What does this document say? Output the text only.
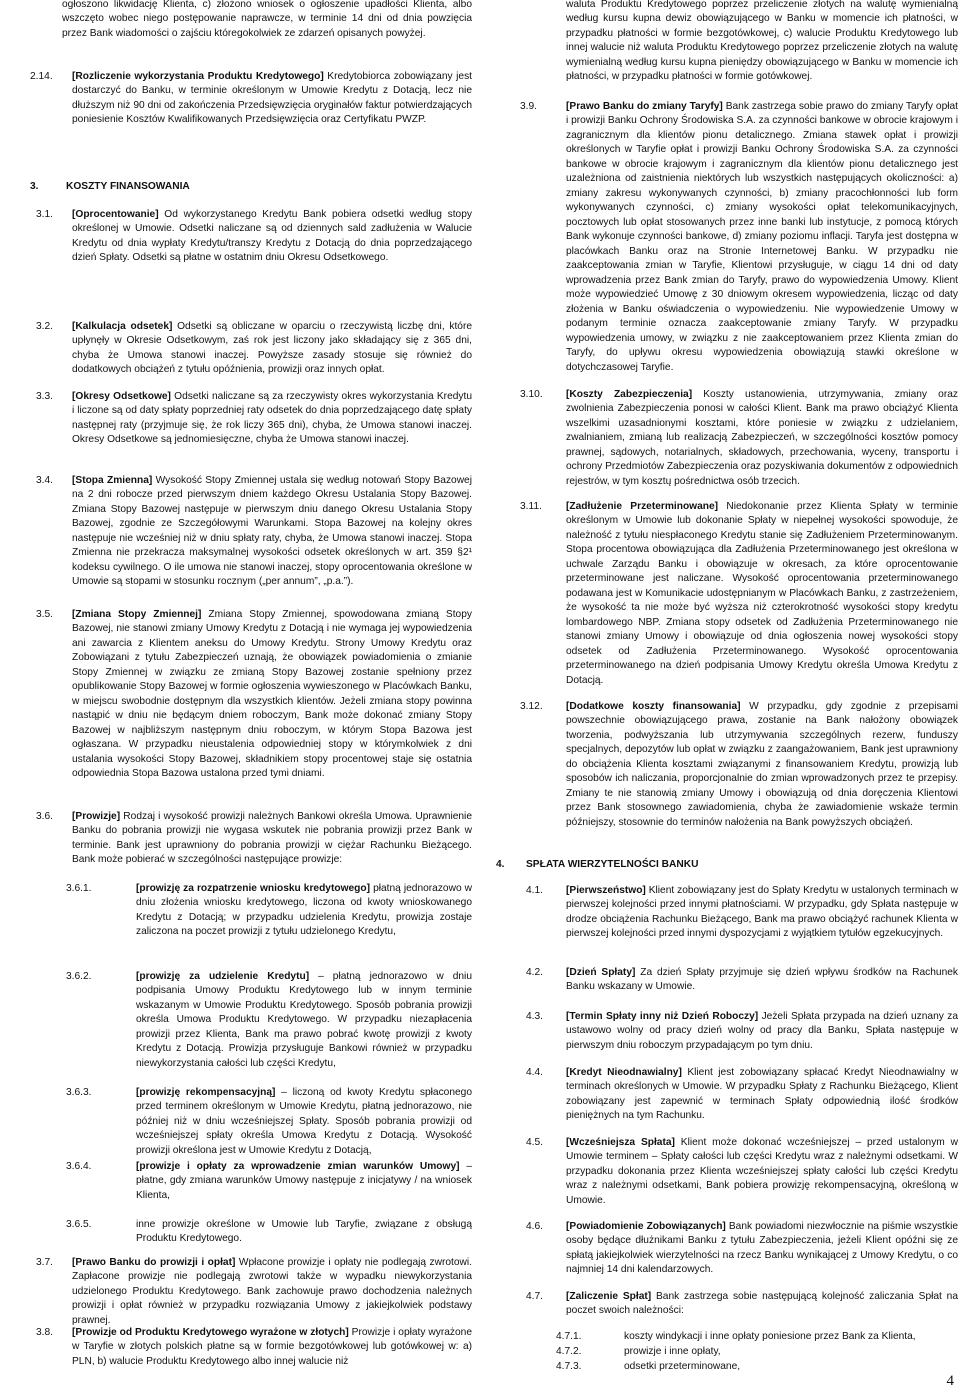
ogłoszono likwidację Klienta, c) złożono wniosek o ogłoszenie upadłości Klienta, albo wszczęto wobec niego postępowanie naprawcze, w terminie 14 dni od dnia powzięcia przez Bank wiadomości o zajściu któregokolwiek ze zdarzeń opisanych powyżej.

2.14.	[Rozliczenie wykorzystania Produktu Kredytowego] Kredytobiorca zobowiązany jest dostarczyć do Banku, w terminie określonym w Umowie Kredytu z Dotacją, lecz nie dłuższym niż 90 dni od zakończenia Przedsięwzięcia oryginałów faktur potwierdzających poniesienie Kosztów Kwalifikowanych Przedsięwzięcia oraz Certyfikatu PWZP.
3.	KOSZTY FINANSOWANIA
3.1.	[Oprocentowanie] Od wykorzystanego Kredytu Bank pobiera odsetki według stopy określonej w Umowie. Odsetki naliczane są od dziennych sald zadłużenia w Walucie Kredytu od dnia wypłaty Kredytu/transzy Kredytu z Dotacją do dnia poprzedzającego dzień Spłaty. Odsetki są płatne w ostatnim dniu Okresu Odsetkowego.
3.2.	[Kalkulacja odsetek] Odsetki są obliczane w oparciu o rzeczywistą liczbę dni, które upłynęły w Okresie Odsetkowym, zaś rok jest liczony jako składający się z 365 dni, chyba że Umowa stanowi inaczej. Powyższe zasady stosuje się również do dodatkowych obciążeń z tytułu opóźnienia, prowizji oraz innych opłat.
3.3.	[Okresy Odsetkowe] Odsetki naliczane są za rzeczywisty okres wykorzystania Kredytu i liczone są od daty spłaty poprzedniej raty odsetek do dnia poprzedzającego datę spłaty następnej raty (przyjmuje się, że rok liczy 365 dni), chyba, że Umowa stanowi inaczej. Okresy Odsetkowe są jednomiesięczne, chyba że Umowa stanowi inaczej.
3.4.	[Stopa Zmienna] Wysokość Stopy Zmiennej ustala się według notowań Stopy Bazowej na 2 dni robocze przed pierwszym dniem każdego Okresu Ustalania Stopy Bazowej. Zmiana Stopy Bazowej następuje w pierwszym dniu danego Okresu Ustalania Stopy Bazowej, zgodnie ze Szczegółowymi Warunkami. Stopa Bazowej na kolejny okres następuje nie wcześniej niż w dniu spłaty raty, chyba, że Umowa stanowi inaczej. Stopa Zmienna nie przekracza maksymalnej wysokości odsetek określonych w art. 359 §2¹ kodeksu cywilnego. O ile umowa nie stanowi inaczej, stopy oprocentowania określone w Umowie są stopami w stosunku rocznym („per annum”, „p.a.”).
3.5.	[Zmiana Stopy Zmiennej] Zmiana Stopy Zmiennej, spowodowana zmianą Stopy Bazowej, nie stanowi zmiany Umowy Kredytu z Dotacją i nie wymaga jej wypowiedzenia ani zawarcia z Klientem aneksu do Umowy Kredytu. Strony Umowy Kredytu oraz Zobowiązani z tytułu Zabezpieczeń uznają, że obowiązek powiadomienia o zmianie Stopy Zmiennej w związku ze zmianą Stopy Bazowej zostanie spełniony przez opublikowanie Stopy Bazowej w formie ogłoszenia wywieszonego w Placówkach Banku, w miejscu swobodnie dostępnym dla wszystkich klientów. Jeżeli zmiana stopy powinna nastąpić w dniu nie będącym dniem roboczym, Bank może dokonać zmiany Stopy Bazowej w najbliższym następnym dniu roboczym, w którym Stopa Bazowa jest ogłaszana. W przypadku nieustalenia odpowiedniej stopy w którymkolwiek z dni ustalania wysokości Stopy Bazowej, składnikiem stopy procentowej staje się ostatnia odpowiednia Stopa Bazowa ustalona przed tymi dniami.
3.6.	[Prowizje] Rodzaj i wysokość prowizji należnych Bankowi określa Umowa. Uprawnienie Banku do pobrania prowizji nie wygasa wskutek nie pobrania prowizji przez Bank w terminie. Bank jest uprawniony do pobrania prowizji w ciężar Rachunku Bieżącego. Bank może pobierać w szczególności następujące prowizje:
3.6.1.	[prowizję za rozpatrzenie wniosku kredytowego] płatną jednorazowo w dniu złożenia wniosku kredytowego, liczona od kwoty wnioskowanego Kredytu z Dotacją; w przypadku udzielenia Kredytu, prowizja zostaje zaliczona na poczet prowizji z tytułu udzielonego Kredytu,
3.6.2.	[prowizję za udzielenie Kredytu] – płatną jednorazowo w dniu podpisania Umowy Produktu Kredytowego lub w innym terminie wskazanym w Umowie Produktu Kredytowego. Sposób pobrania prowizji określa Umowa Produktu Kredytowego. W przypadku niezapłacenia prowizji przez Klienta, Bank ma prawo pobrać kwotę prowizji z kwoty Kredytu z Dotacją. Prowizja przysługuje Bankowi również w przypadku niewykorzystania całości lub części Kredytu,
3.6.3.	[prowizję rekompensacyjną] – liczoną od kwoty Kredytu spłaconego przed terminem określonym w Umowie Kredytu, płatną jednorazowo, nie później niż w dniu wcześniejszej Spłaty. Sposób pobrania prowizji od wcześniejszej spłaty określa Umowa Kredytu z Dotacją. Wysokość prowizji określona jest w Umowie Kredytu z Dotacją,
3.6.4.	[prowizje i opłaty za wprowadzenie zmian warunków Umowy] – płatne, gdy zmiana warunków Umowy następuje z inicjatywy / na wniosek Klienta,
3.6.5.	inne prowizje określone w Umowie lub Taryfie, związane z obsługą Produktu Kredytowego.
3.7.	[Prawo Banku do prowizji i opłat] Wpłacone prowizje i opłaty nie podlegają zwrotowi. Zapłacone prowizje nie podlegają zwrotowi także w wypadku niewykorzystania udzielonego Produktu Kredytowego. Bank zachowuje prawo dochodzenia należnych prowizji i opłat również w przypadku rozwiązania Umowy z jakiejkolwiek podstawy prawnej.
3.8.	[Prowizje od Produktu Kredytowego wyrażone w złotych] Prowizje i opłaty wyrażone w Taryfie w złotych polskich płatne są w formie bezgotówkowej lub gotówkowej w: a) PLN, b) walucie Produktu Kredytowego albo innej walucie niż

waluta Produktu Kredytowego poprzez przeliczenie złotych na walutę wymienialną według kursu kupna dewiz obowiązującego w Banku w momencie ich płatności, w przypadku płatności w formie bezgotówkowej, c) walucie Produktu Kredytowego lub innej walucie niż waluta Produktu Kredytowego poprzez przeliczenie złotych na walutę wymienialną według kursu kupna pieniędzy obowiązującego w Banku w momencie ich płatności, w przypadku płatności w formie gotówkowej.

3.9.	[Prawo Banku do zmiany Taryfy] Bank zastrzega sobie prawo do zmiany Taryfy opłat i prowizji Banku Ochrony Środowiska S.A. za czynności bankowe w obrocie krajowym i zagranicznym dla klientów pionu detalicznego. Zmiana stawek opłat i prowizji określonych w Taryfie opłat i prowizji Banku Ochrony Środowiska S.A. za czynności bankowe w obrocie krajowym i zagranicznym dla klientów pionu detalicznego jest uzależniona od zaistnienia niektórych lub wszystkich następujących okoliczności: a) zmiany zakresu wykonywanych czynności, b) zmiany pracochłonności lub form wykonywanych czynności, c) zmiany wysokości opłat telekomunikacyjnych, pocztowych lub opłat stosowanych przez inne banki lub instytucje, z pomocą których Bank wykonuje czynności bankowe, d) zmiany poziomu inflacji. Taryfa jest dostępna w placówkach Banku oraz na Stronie Internetowej Banku. W przypadku nie zaakceptowania zmian w Taryfie, Klientowi przysługuje, w ciągu 14 dni od daty wprowadzenia przez Bank zmian do Taryfy, prawo do wypowiedzenia Umowy. Klient może wypowiedzieć Umowę z 30 dniowym okresem wypowiedzenia, licząc od daty złożenia w Banku oświadczenia o wypowiedzeniu. Nie wypowiedzenie Umowy w podanym terminie oznacza zaakceptowanie zmiany Taryfy. W przypadku wypowiedzenia umowy, w związku z nie zaakceptowaniem przez Klienta zmian do Taryfy, do upływu okresu wypowiedzenia obowiązują stawki określone w dotychczasowej Taryfie.
3.10.	[Koszty Zabezpieczenia] Koszty ustanowienia, utrzymywania, zmiany oraz zwolnienia Zabezpieczenia ponosi w całości Klient. Bank ma prawo obciążyć Klienta wszelkimi uzasadnionymi kosztami, które poniesie w związku z udzielaniem, zwalnianiem, zmianą lub realizacją Zabezpieczeń, w szczególności kosztów pomocy prawnej, sądowych, notarialnych, składowych, przechowania, wyceny, transportu i ochrony Przedmiotów Zabezpieczenia oraz pozyskiwania dokumentów z odpowiednich rejestrów, w tym kosztų pośrednictwa osób trzecich.
3.11.	[Zadłużenie Przeterminowane] Niedokonanie przez Klienta Spłaty w terminie określonym w Umowie lub dokonanie Spłaty w niepełnej wysokości spowoduje, że należność z tytułu niespłaconego Kredytu stanie się Zadłużeniem Przeterminowanym. Stopa procentowa obowiązująca dla Zadłużenia Przeterminowanego jest określona w uchwale Zarządu Banku i obowiązuje w okresach, za które oprocentowanie przeterminowane jest naliczane. Wysokość oprocentowania przeterminowanego podawana jest w Komunikacie udostępnianym w Placówkach Banku, z zastrzeżeniem, że wysokość ta nie może być wyższa niż czterokrotność wysokości stopy kredytu lombardowego NBP. Zmiana stopy odsetek od Zadłużenia Przeterminowanego nie stanowi zmiany Umowy i obowiązuje od dnia ogłoszenia nowej wysokości stopy odsetek od Zadłużenia Przeterminowanego. Wysokość oprocentowania przeterminowanego na dzień podpisania Umowy Kredytu określa Umowa Kredytu z Dotacją.
3.12.	[Dodatkowe koszty finansowania] W przypadku, gdy zgodnie z przepisami powszechnie obowiązującego prawa, zostanie na Bank nałożony obowiązek tworzenia, podwyższania lub utrzymywania szczególnych rezerw, funduszy specjalnych, depozytów lub opłat w związku z zaangażowaniem, Bank jest uprawniony do obciążenia Klienta kosztami związanymi z finansowaniem Kredytu, prowizją lub sposobów ich naliczania, proporcjonalnie do zmian wprowadzonych przez te przepisy. Zmiany te nie stanowią zmiany Umowy i obowiązują od dnia doręczenia Klientowi przez Bank stosownego zawiadomienia, chyba że zawiadomienie wskaże termin późniejszy, stosownie do terminów nałożenia na Bank powyższych obciążeń.
4.	SPŁATA WIERZYTELNOŚCI BANKU
4.1.	[Pierwszeństwo] Klient zobowiązany jest do Spłaty Kredytu w ustalonych terminach w pierwszej kolejności przed innymi płatnościami. W przypadku, gdy Spłata następuje w drodze obciążenia Rachunku Bieżącego, Bank ma prawo obciążyć rachunek Klienta w pierwszej kolejności przed innymi dyspozycjami z wyjątkiem tytułów egzekucyjnych.
4.2.	[Dzień Spłaty] Za dzień Spłaty przyjmuje się dzień wpływu środków na Rachunek Banku wskazany w Umowie.
4.3.	[Termin Spłaty inny niż Dzień Roboczy] Jeżeli Spłata przypada na dzień uznany za ustawowo wolny od pracy dzień wolny od pracy dla Banku, Spłata następuje w pierwszym dniu roboczym przypadającym po tym dniu.
4.4.	[Kredyt Nieodnawialny] Klient jest zobowiązany spłacać Kredyt Nieodnawialny w terminach określonych w Umowie. W przypadku Spłaty z Rachunku Bieżącego, Klient zobowiązany jest zapewnić w terminach Spłaty odpowiednią ilość środków pieniężnych na tym Rachunku.
4.5.	[Wcześniejsza Spłata] Klient może dokonać wcześniejszej – przed ustalonym w Umowie terminem – Spłaty całości lub części Kredytu wraz z należnymi odsetkami. W przypadku dokonania przez Klienta wcześniejszej spłaty całości lub części Kredytu wraz z należnymi odsetkami, Bank pobiera prowizję rekompensacyjną, określoną w Umowie.
4.6.	[Powiadomienie Zobowiązanych] Bank powiadomi niezwłocznie na piśmie wszystkie osoby będące dłużnikami Banku z tytułu Zabezpieczenia, jeżeli Klient opóźni się ze spłatą jakiejkolwiek wierzytelności na rzecz Banku wynikającej z Umowy Kredytu, o co najmniej 14 dni kalendarzowych.
4.7.	[Zaliczenie Spłat] Bank zastrzega sobie następującą kolejność zaliczania Spłat na poczet swoich należności:
4.7.1.	koszty windykacji i inne opłaty poniesione przez Bank za Klienta,
4.7.2.	prowizje i inne opłaty,
4.7.3.	odsetki przeterminowane,
4
